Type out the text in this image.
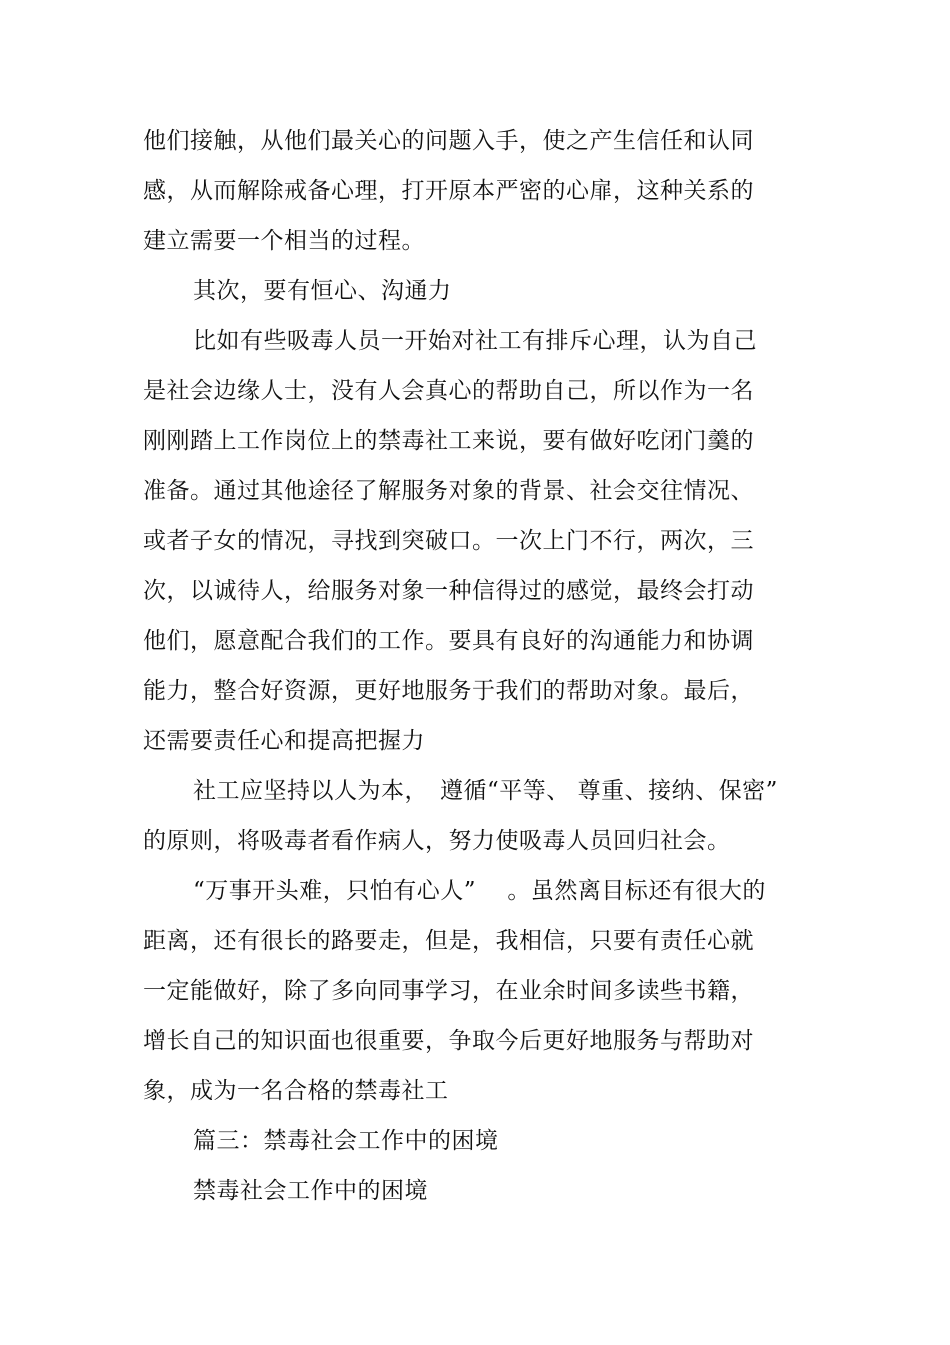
他们接触，从他们最关心的问题入手，使之产生信任和认同
感，从而解除戒备心理，打开原本严密的心扉，这种关系的
建立需要一个相当的过程。
其次，要有恒心、沟通力
比如有些吸毒人员一开始对社工有排斥心理，认为自己
是社会边缘人士，没有人会真心的帮助自己，所以作为一名
刚刚踏上工作岗位上的禁毒社工来说，要有做好吃闭门羹的
准备。通过其他途径了解服务对象的背景、社会交往情况、
或者子女的情况，寻找到突破口。一次上门不行，两次，三
次，以诚待人，给服务对象一种信得过的感觉，最终会打动
他们，愿意配合我们的工作。要具有良好的沟通能力和协调
能力，整合好资源，更好地服务于我们的帮助对象。最后，
还需要责任心和提高把握力
社工应坚持以人为本，　遵循“平等、 尊重、接纳、保密”
的原则，将吸毒者看作病人，努力使吸毒人员回归社会。
“万事开头难，只怕有心人”　 。虽然离目标还有很大的
距离，还有很长的路要走，但是，我相信，只要有责任心就
一定能做好，除了多向同事学习，在业余时间多读些书籍，
增长自己的知识面也很重要，争取今后更好地服务与帮助对
象，成为一名合格的禁毒社工
篇三：禁毒社会工作中的困境
禁毒社会工作中的困境
